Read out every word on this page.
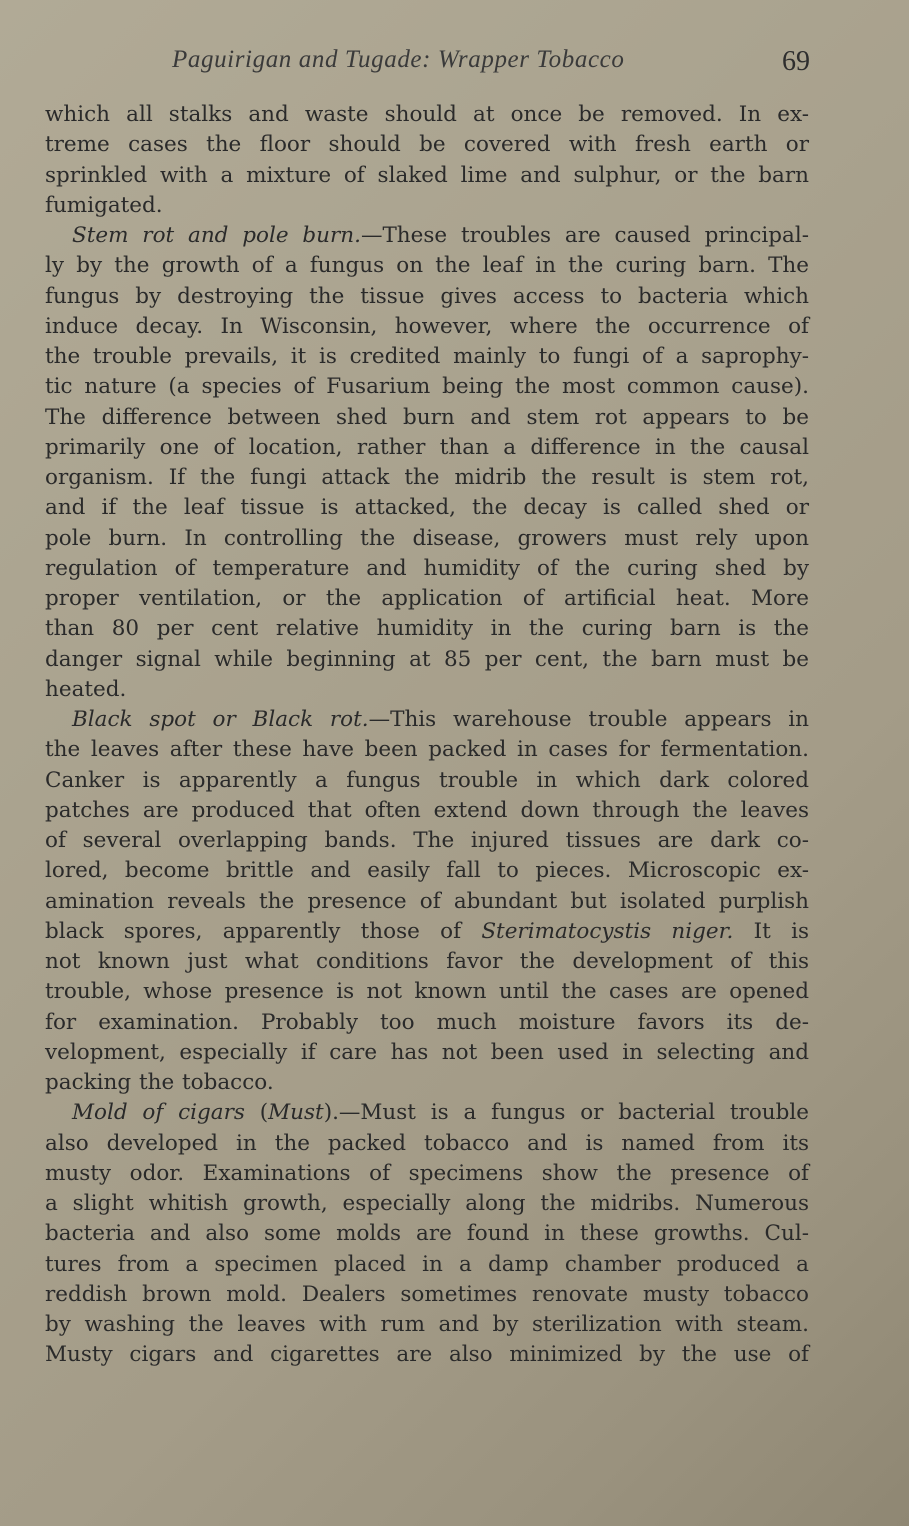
Paguirigan and Tugade: Wrapper Tobacco	69
which all stalks and waste should at once be removed. In ex-
treme cases the floor should be covered with fresh earth or
sprinkled with a mixture of slaked lime and sulphur, or the barn
fumigated.
Stem rot and pole burn.—These troubles are caused principal-
ly by the growth of a fungus on the leaf in the curing barn. The
fungus by destroying the tissue gives access to bacteria which
induce decay. In Wisconsin, however, where the occurrence of
the trouble prevails, it is credited mainly to fungi of a saprophy-
tic nature (a species of Fusarium being the most common cause).
The difference between shed burn and stem rot appears to be
primarily one of location, rather than a difference in the causal
organism. If the fungi attack the midrib the result is stem rot,
and if the leaf tissue is attacked, the decay is called shed or
pole burn. In controlling the disease, growers must rely upon
regulation of temperature and humidity of the curing shed by
proper ventilation, or the application of artificial heat. More
than 80 per cent relative humidity in the curing barn is the
danger signal while beginning at 85 per cent, the barn must be
heated.
Black spot or Black rot.—This warehouse trouble appears in
the leaves after these have been packed in cases for fermentation.
Canker is apparently a fungus trouble in which dark colored
patches are produced that often extend down through the leaves
of several overlapping bands. The injured tissues are dark co-
lored, become brittle and easily fall to pieces. Microscopic ex-
amination reveals the presence of abundant but isolated purplish
black spores, apparently those of Sterimatocystis niger. It is
not known just what conditions favor the development of this
trouble, whose presence is not known until the cases are opened
for examination. Probably too much moisture favors its de-
velopment, especially if care has not been used in selecting and
packing the tobacco.
Mold of cigars (Must).—Must is a fungus or bacterial trouble
also developed in the packed tobacco and is named from its
musty odor. Examinations of specimens show the presence of
a slight whitish growth, especially along the midribs. Numerous
bacteria and also some molds are found in these growths. Cul-
tures from a specimen placed in a damp chamber produced a
reddish brown mold. Dealers sometimes renovate musty tobacco
by washing the leaves with rum and by sterilization with steam.
Musty cigars and cigarettes are also minimized by the use of
